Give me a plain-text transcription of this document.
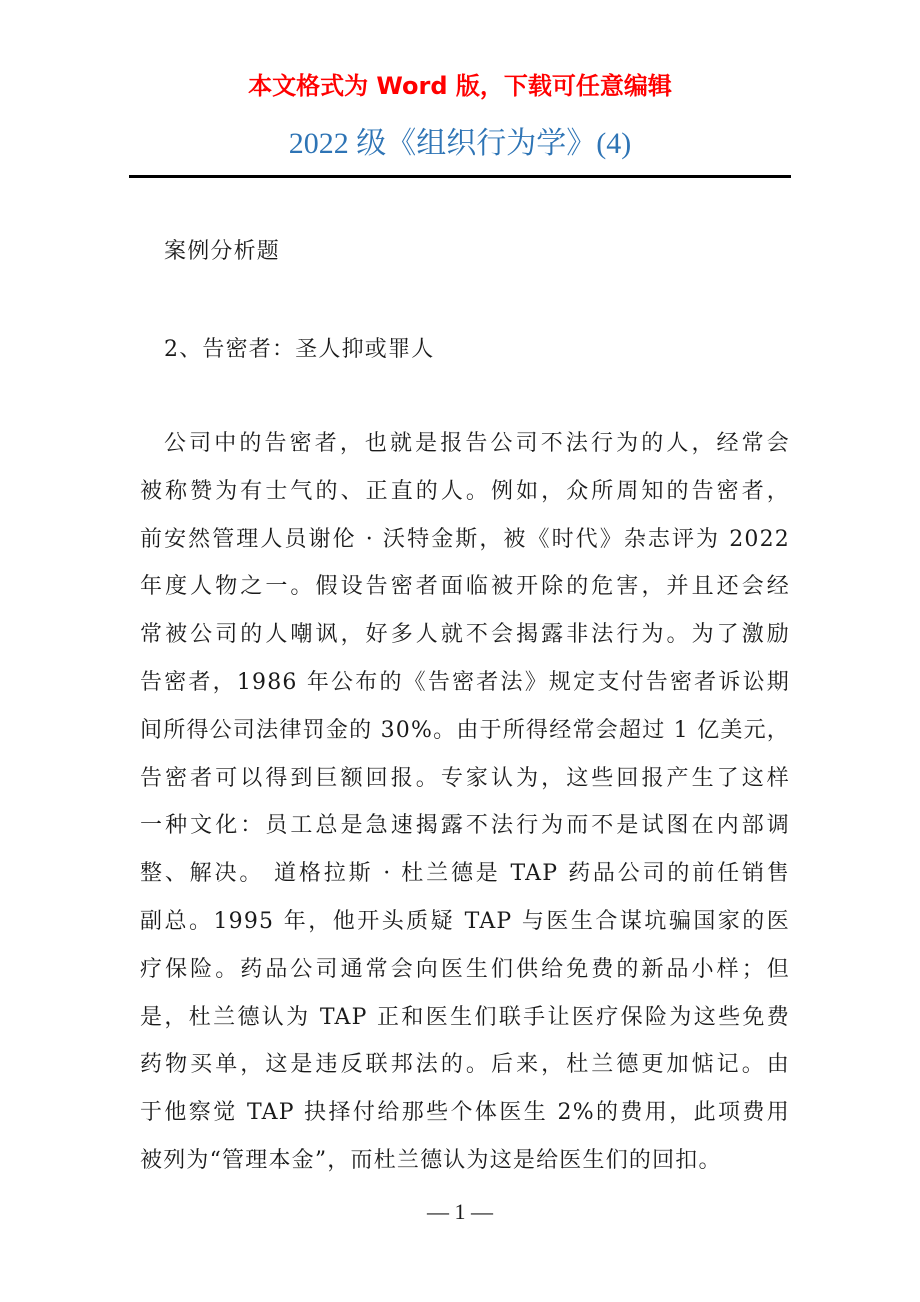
本文格式为 Word 版，下载可任意编辑
2022 级《组织行为学》(4)
案例分析题
2、告密者：圣人抑或罪人
公司中的告密者，也就是报告公司不法行为的人，经常会
被称赞为有士气的、正直的人。例如，众所周知的告密者，
前安然管理人员谢伦 · 沃特金斯，被《时代》杂志评为 2022
年度人物之一。假设告密者面临被开除的危害，并且还会经
常被公司的人嘲讽，好多人就不会揭露非法行为。为了激励
告密者，1986 年公布的《告密者法》规定支付告密者诉讼期
间所得公司法律罚金的 30%。由于所得经常会超过 1 亿美元，
告密者可以得到巨额回报。专家认为，这些回报产生了这样
一种文化：员工总是急速揭露不法行为而不是试图在内部调
整、解决。 道格拉斯 · 杜兰德是 TAP 药品公司的前任销售
副总。1995 年，他开头质疑 TAP 与医生合谋坑骗国家的医
疗保险。药品公司通常会向医生们供给免费的新品小样；但
是，杜兰德认为 TAP 正和医生们联手让医疗保险为这些免费
药物买单，这是违反联邦法的。后来，杜兰德更加惦记。由
于他察觉 TAP 抉择付给那些个体医生 2%的费用，此项费用
被列为“管理本金”，而杜兰德认为这是给医生们的回扣。
— 1 —
